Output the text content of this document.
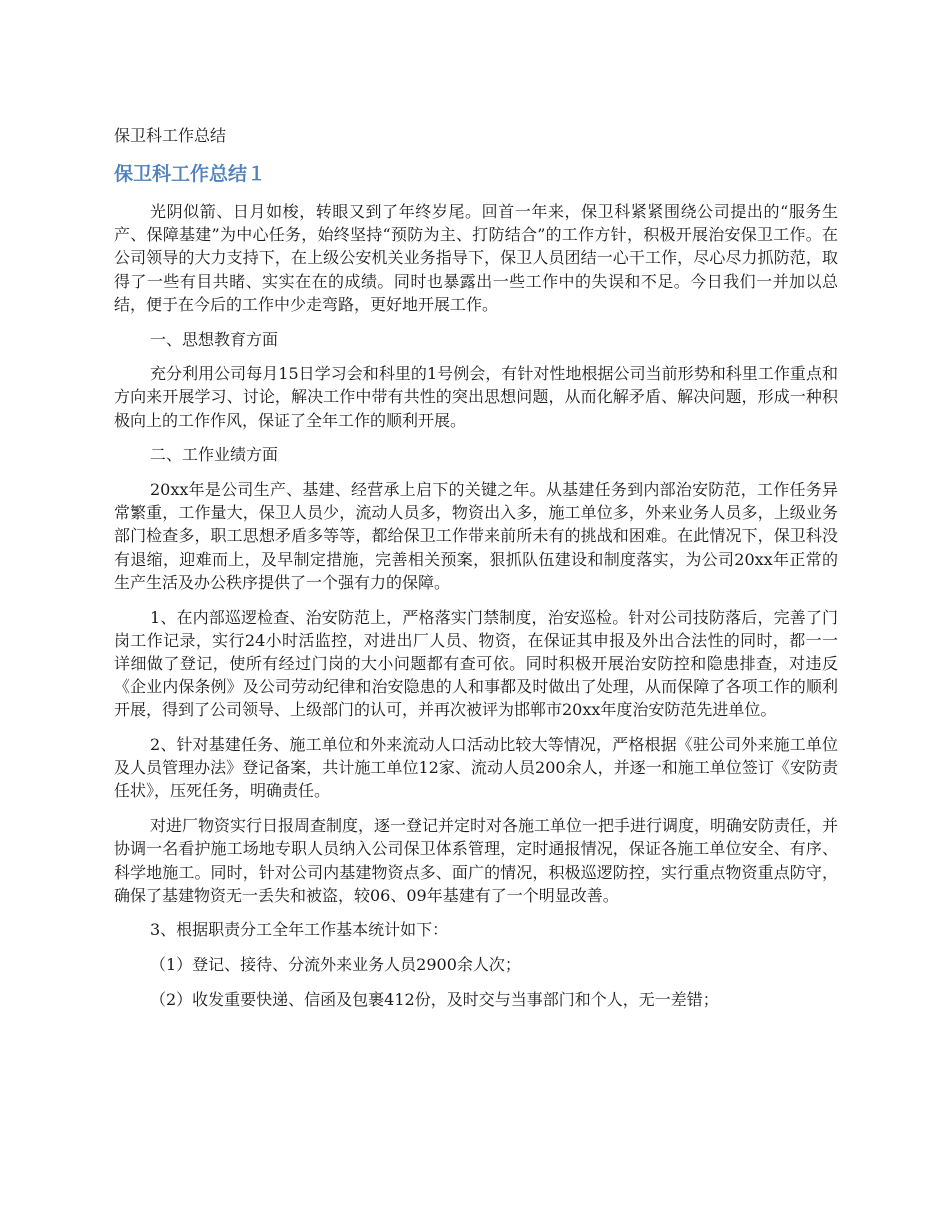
保卫科工作总结
保卫科工作总结１

光阴似箭、日月如梭，转眼又到了年终岁尾。回首一年来，保卫科紧紧围绕公司提出的“服务生产、保障基建”为中心任务，始终坚持“预防为主、打防结合”的工作方针，积极开展治安保卫工作。在公司领导的大力支持下，在上级公安机关业务指导下，保卫人员团结一心干工作，尽心尽力抓防范，取得了一些有目共睹、实实在在的成绩。同时也暴露出一些工作中的失误和不足。今日我们一并加以总结，便于在今后的工作中少走弯路，更好地开展工作。

一、思想教育方面

充分利用公司每月15日学习会和科里的1号例会，有针对性地根据公司当前形势和科里工作重点和方向来开展学习、讨论，解决工作中带有共性的突出思想问题，从而化解矛盾、解决问题，形成一种积极向上的工作作风，保证了全年工作的顺利开展。

二、工作业绩方面

20xx年是公司生产、基建、经营承上启下的关键之年。从基建任务到内部治安防范，工作任务异常繁重，工作量大，保卫人员少，流动人员多，物资出入多，施工单位多，外来业务人员多，上级业务部门检查多，职工思想矛盾多等等，都给保卫工作带来前所未有的挑战和困难。在此情况下，保卫科没有退缩，迎难而上，及早制定措施，完善相关预案，狠抓队伍建设和制度落实，为公司20xx年正常的生产生活及办公秩序提供了一个强有力的保障。

1、在内部巡逻检查、治安防范上，严格落实门禁制度，治安巡检。针对公司技防落后，完善了门岗工作记录，实行24小时活监控，对进出厂人员、物资，在保证其申报及外出合法性的同时，都一一详细做了登记，使所有经过门岗的大小问题都有查可依。同时积极开展治安防控和隐患排查，对违反《企业内保条例》及公司劳动纪律和治安隐患的人和事都及时做出了处理，从而保障了各项工作的顺利开展，得到了公司领导、上级部门的认可，并再次被评为邯郸市20xx年度治安防范先进单位。

2、针对基建任务、施工单位和外来流动人口活动比较大等情况，严格根据《驻公司外来施工单位及人员管理办法》登记备案，共计施工单位12家、流动人员200余人，并逐一和施工单位签订《安防责任状》，压死任务，明确责任。

对进厂物资实行日报周查制度，逐一登记并定时对各施工单位一把手进行调度，明确安防责任，并协调一名看护施工场地专职人员纳入公司保卫体系管理，定时通报情况，保证各施工单位安全、有序、科学地施工。同时，针对公司内基建物资点多、面广的情况，积极巡逻防控，实行重点物资重点防守，确保了基建物资无一丢失和被盗，较06、09年基建有了一个明显改善。

3、根据职责分工全年工作基本统计如下：

（1）登记、接待、分流外来业务人员2900余人次；

（2）收发重要快递、信函及包裹412份，及时交与当事部门和个人，无一差错；
